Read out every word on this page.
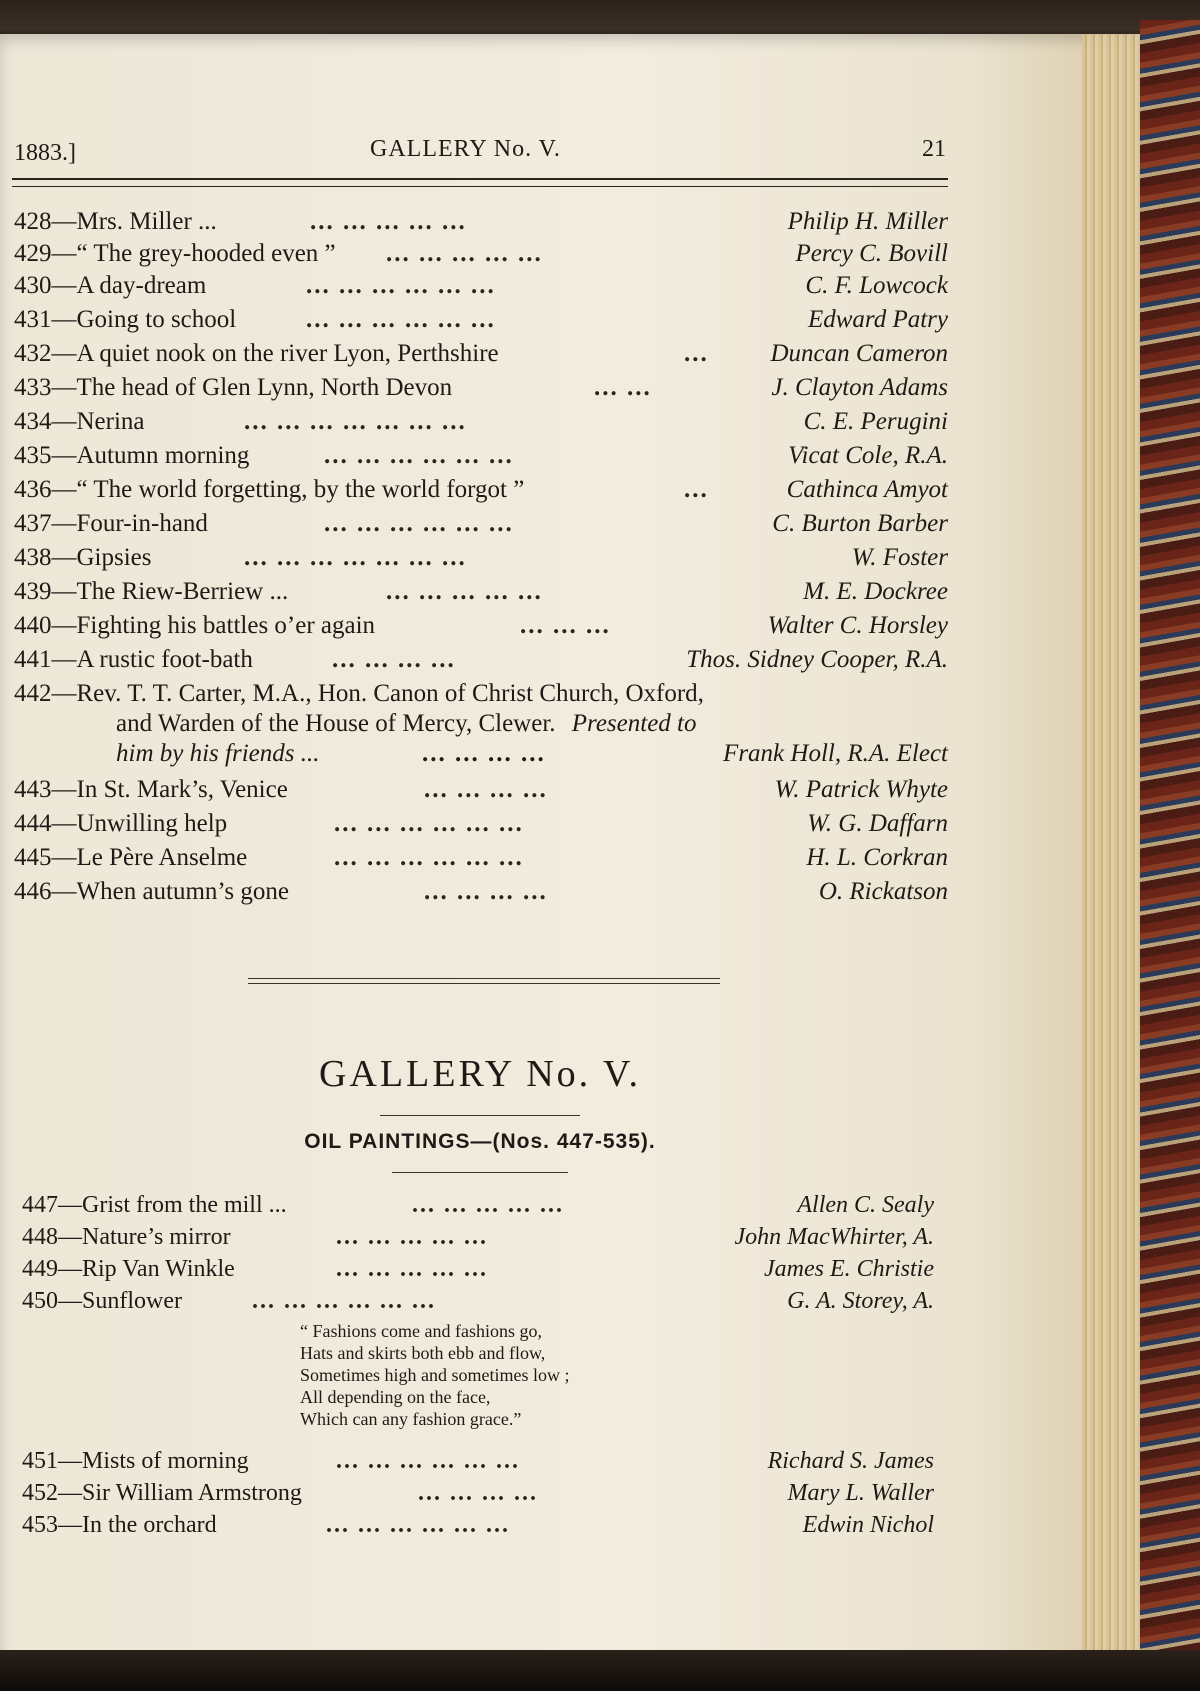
1883.]	GALLERY No. V.	21
428—Mrs. Miller ...	... ... ... ... ...	Philip H. Miller
429—“ The grey-hooded even ” ... ... ... ... ...	Percy C. Bovill
430—A day-dream	... ... ... ... ... ...	C. F. Lowcock
431—Going to school	... ... ... ... ... ...	Edward Patry
432—A quiet nook on the river Lyon, Perthshire	... Duncan Cameron
433—The head of Glen Lynn, North Devon	... ...	J. Clayton Adams
434—Nerina	... ... ... ... ... ... ...	C. E. Perugini
435—Autumn morning	... ... ... ... ... ...	Vicat Cole, R.A.
436—“ The world forgetting, by the world forgot ”	...	Cathinca Amyot
437—Four-in-hand	... ... ... ... ... ...	C. Burton Barber
438—Gipsies	... ... ... ... ... ... ...	W. Foster
439—The Riew-Berriew ...	... ... ... ... ...	M. E. Dockree
440—Fighting his battles o’er again	... ... ...	Walter C. Horsley
441—A rustic foot-bath	... ... ... ...	Thos. Sidney Cooper, R.A.
442—Rev. T. T. Carter, M.A., Hon. Canon of Christ Church, Oxford,
and Warden of the House of Mercy, Clewer. Presented to
him by his friends ...	... ... ... ...	Frank Holl, R.A. Elect
443—In St. Mark’s, Venice	... ... ... ...	W. Patrick Whyte
444—Unwilling help	... ... ... ... ... ...	W. G. Daffarn
445—Le Père Anselme	... ... ... ... ... ...	H. L. Corkran
446—When autumn’s gone	... ... ... ...	O. Rickatson
GALLERY No. V.
OIL PAINTINGS—(Nos. 447-535).
447—Grist from the mill ...	... ... ... ... ...	Allen C. Sealy
448—Nature’s mirror	... ... ... ... ...	John MacWhirter, A.
449—Rip Van Winkle	... ... ... ... ...	James E. Christie
450—Sunflower	... ... ... ... ... ...	G. A. Storey, A.
“ Fashions come and fashions go,
Hats and skirts both ebb and flow,
Sometimes high and sometimes low ;
All depending on the face,
Which can any fashion grace.”
451—Mists of morning	... ... ... ... ... ...	Richard S. James
452—Sir William Armstrong	... ... ... ...	Mary L. Waller
453—In the orchard	... ... ... ... ... ...	Edwin Nichol
